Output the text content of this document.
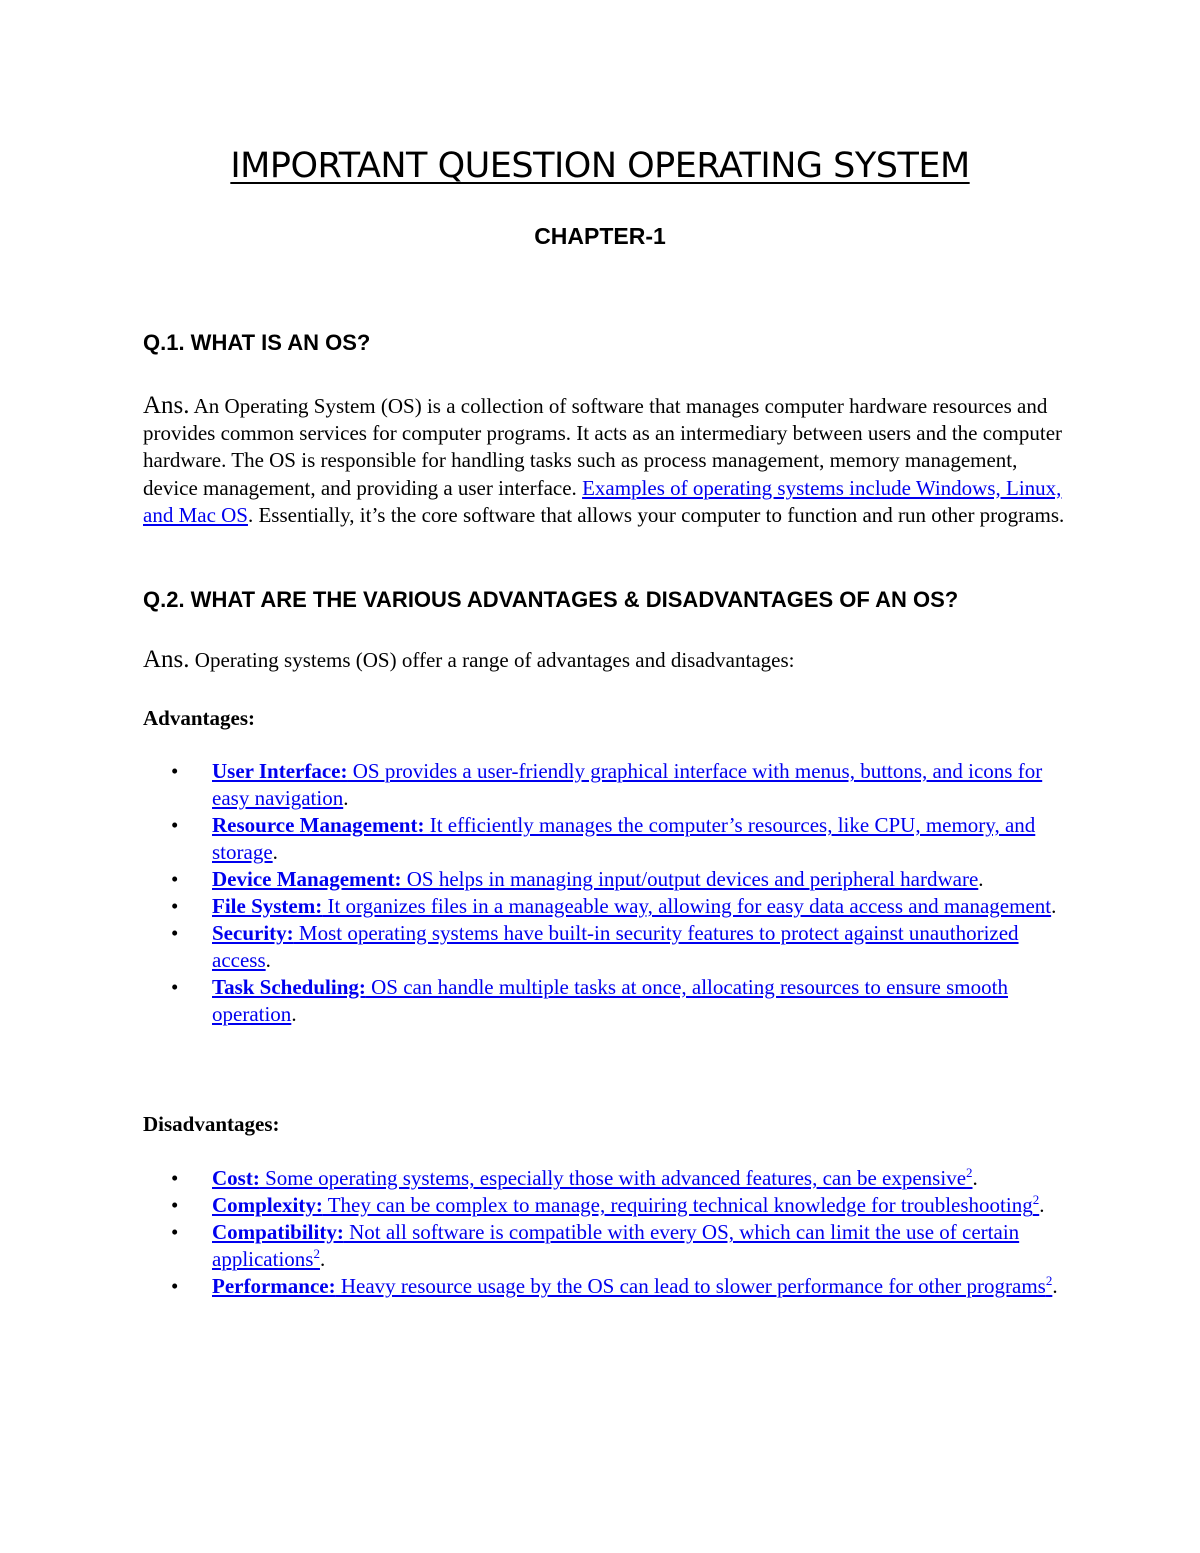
IMPORTANT QUESTION OPERATING SYSTEM
CHAPTER-1
Q.1. WHAT IS AN OS?
Ans. An Operating System (OS) is a collection of software that manages computer hardware resources and provides common services for computer programs. It acts as an intermediary between users and the computer hardware. The OS is responsible for handling tasks such as process management, memory management, device management, and providing a user interface. Examples of operating systems include Windows, Linux, and Mac OS. Essentially, it’s the core software that allows your computer to function and run other programs.
Q.2. WHAT ARE THE VARIOUS ADVANTAGES & DISADVANTAGES OF AN OS?
Ans. Operating systems (OS) offer a range of advantages and disadvantages:
Advantages:
• User Interface: OS provides a user-friendly graphical interface with menus, buttons, and icons for easy navigation.
• Resource Management: It efficiently manages the computer’s resources, like CPU, memory, and storage.
• Device Management: OS helps in managing input/output devices and peripheral hardware.
• File System: It organizes files in a manageable way, allowing for easy data access and management.
• Security: Most operating systems have built-in security features to protect against unauthorized access.
• Task Scheduling: OS can handle multiple tasks at once, allocating resources to ensure smooth operation.
Disadvantages:
• Cost: Some operating systems, especially those with advanced features, can be expensive$^2$.
• Complexity: They can be complex to manage, requiring technical knowledge for troubleshooting$^2$.
• Compatibility: Not all software is compatible with every OS, which can limit the use of certain applications$^2$.
• Performance: Heavy resource usage by the OS can lead to slower performance for other programs$^2$.
